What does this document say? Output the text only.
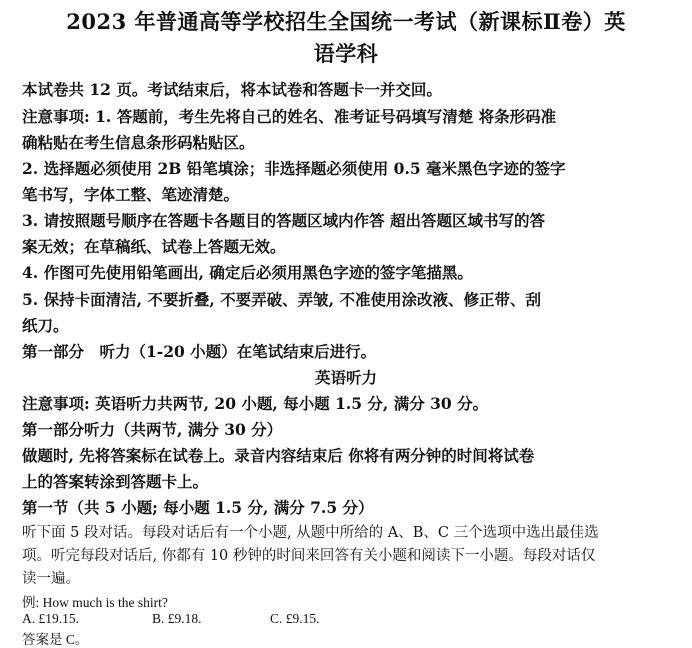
2023 年普通高等学校招生全国统一考试（新课标Ⅱ卷）英
语学科
本试卷共 12 页。考试结束后，将本试卷和答题卡一并交回。
注意事项: 1. 答题前，考生先将自己的姓名、准考证号码填写清楚 将条形码准
确粘贴在考生信息条形码粘贴区。
2. 选择题必须使用 2B 铅笔填涂；非选择题必须使用 0.5 毫米黑色字迹的签字
笔书写，字体工整、笔迹清楚。
3. 请按照题号顺序在答题卡各题目的答题区域内作答 超出答题区域书写的答
案无效；在草稿纸、试卷上答题无效。
4. 作图可先使用铅笔画出, 确定后必须用黑色字迹的签字笔描黑。
5. 保持卡面清洁, 不要折叠, 不要弄破、弄皱, 不准使用涂改液、修正带、刮
纸刀。
第一部分　听力（1-20 小题）在笔试结束后进行。
英语听力
注意事项: 英语听力共两节, 20 小题, 每小题 1.5 分, 满分 30 分。
第一部分听力（共两节, 满分 30 分）
做题时, 先将答案标在试卷上。录音内容结束后 你将有两分钟的时间将试卷
上的答案转涂到答题卡上。
第一节（共 5 小题; 每小题 1.5 分, 满分 7.5 分）
听下面 5 段对话。每段对话后有一个小题, 从题中所给的 A、B、C 三个选项中选出最佳选
项。听完每段对话后, 你都有 10 秒钟的时间来回答有关小题和阅读下一小题。每段对话仅
读一遍。
例: How much is the shirt?
A. £19.15.	B. £9.18.	C. £9.15.
答案是 C。
